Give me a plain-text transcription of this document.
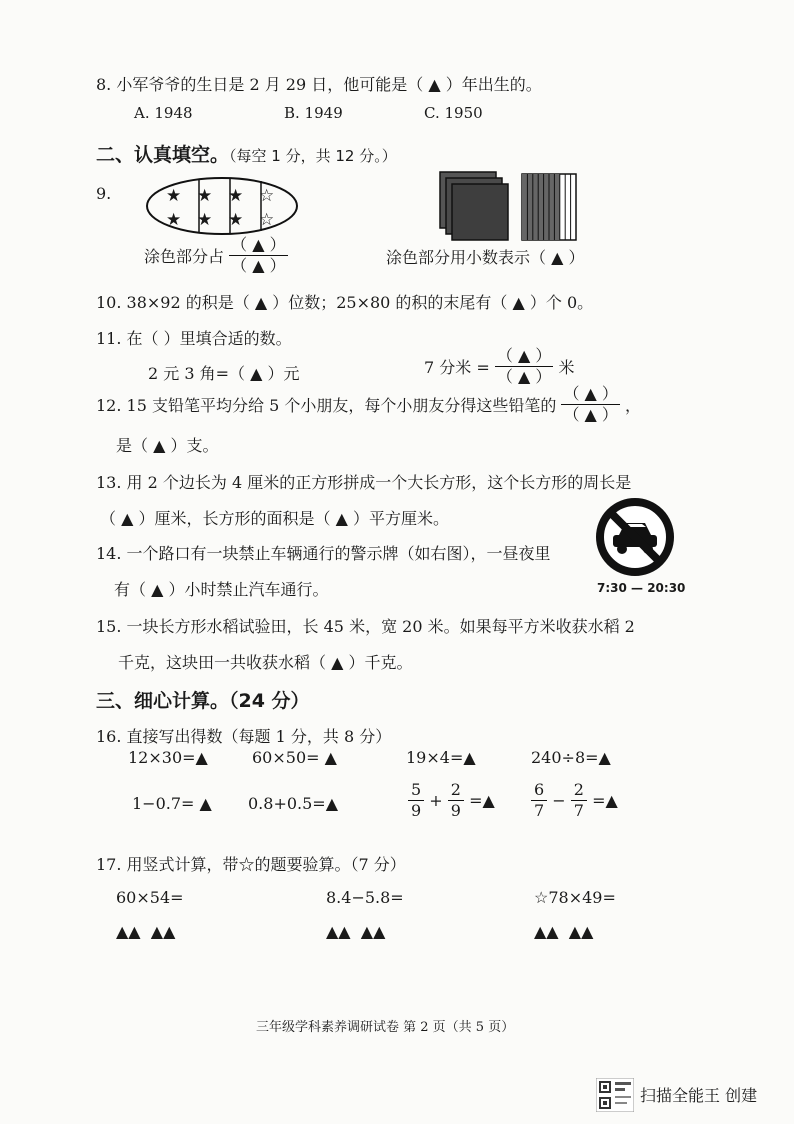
8. 小军爷爷的生日是 2 月 29 日，他可能是（ ▲ ）年出生的。
A. 1948	B. 1949	C. 1950
二、认真填空。（每空 1 分，共 12 分。）
9.	★ ★ ★ ☆
★ ★ ★ ☆
涂色部分占 $\frac{( ▲ )}{( ▲ )}$	涂色部分用小数表示（ ▲ ）
10. 38×92 的积是（ ▲ ）位数；25×80 的积的末尾有（ ▲ ）个 0。
11. 在（ ）里填合适的数。
2 元 3 角=（ ▲ ）元	7 分米 = $\frac{( ▲ )}{( ▲ )}$ 米
12. 15 支铅笔平均分给 5 个小朋友，每个小朋友分得这些铅笔的 $\frac{( ▲ )}{( ▲ )}$ ，
是（ ▲ ）支。
13. 用 2 个边长为 4 厘米的正方形拼成一个大长方形，这个长方形的周长是
（ ▲ ）厘米，长方形的面积是（ ▲ ）平方厘米。
14. 一个路口有一块禁止车辆通行的警示牌（如右图），一昼夜里
有（ ▲ ）小时禁止汽车通行。	7:30 — 20:30
15. 一块长方形水稻试验田，长 45 米，宽 20 米。如果每平方米收获水稻 2
千克，这块田一共收获水稻（ ▲ ）千克。
三、细心计算。（24 分）
16. 直接写出得数（每题 1 分，共 8 分）
12×30=▲	60×50= ▲	19×4=▲	240÷8=▲
1−0.7= ▲ 0.8+0.5=▲	$\frac{5}{9} + \frac{2}{9}$ =▲ $\frac{6}{7} - \frac{2}{7}$ =▲
17. 用竖式计算，带☆的题要验算。（7 分）
60×54=	8.4−5.8=	☆78×49=
▲▲  ▲▲	▲▲  ▲▲	▲▲  ▲▲
三年级学科素养调研试卷 第 2 页（共 5 页）
扫描全能王 创建
